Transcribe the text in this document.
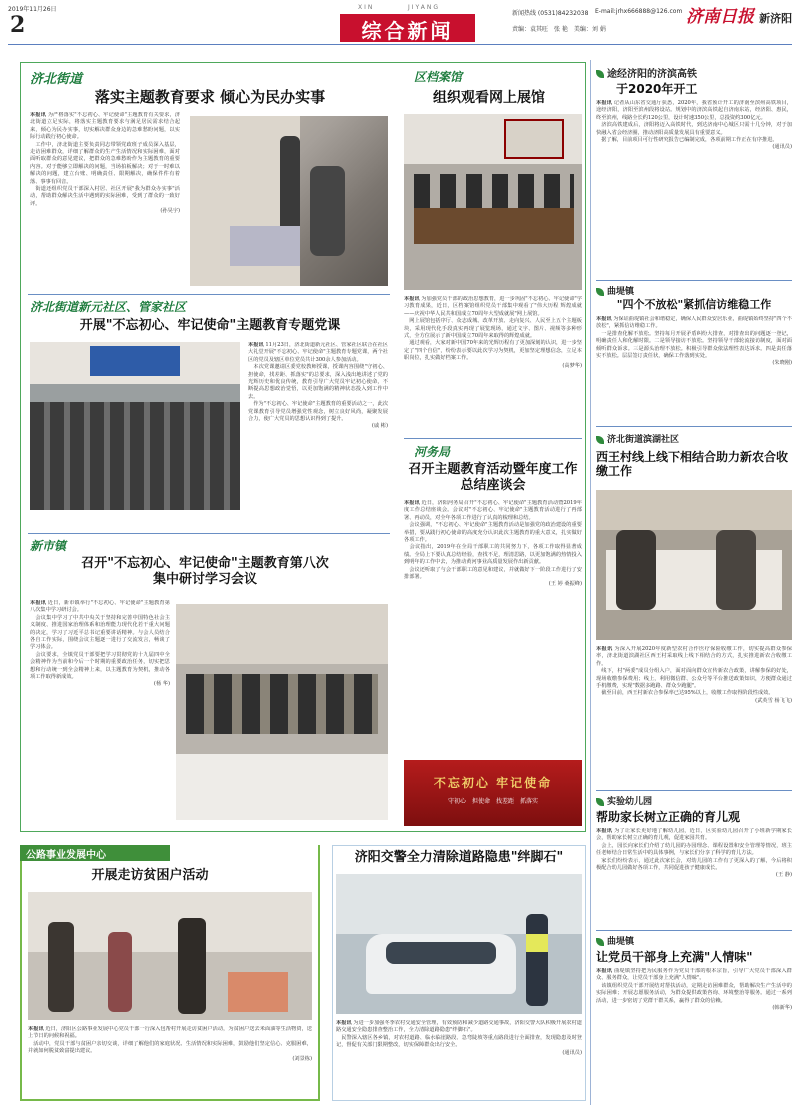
2019年11月26日
2
XIN	JIYANG
综合新闻
新闻热线 (0531)84232038 E-mail:jrhx666888@126.com
责编：袁其旺　张 艳　美编：刘 娟
济南日报 新济阳
济北街道
落实主题教育要求 倾心为民办实事
本报讯 为严格落实"不忘初心、牢记使命"主题教育有关要求，济北街道立足实际，将落实主题教育要求与满足居民需求结合起来，倾心为民办实事，切实解决群众身边的急难愁盼问题，以实际行动践行初心使命。
　工作中，济北街道主要负责同志带领党政班子成员深入基层，走访困难群众，详细了解群众的生产生活情况和实际困难，面对面听取群众的意见建议，把群众的急难愁盼作为主题教育的重要内容。对于能够立即解决的问题，当场拍板解决；对于一时难以解决的问题，建立台账、明确责任、限期解决，确保件件有着落、事事有回音。
　街道还组织党员干部深入村居、社区开展"我为群众办实事"活动，帮助群众解决生活中遇到的实际困难，受到了群众的一致好评。
(孙昊宇)
济北街道新元社区、管家社区
开展"不忘初心、牢记使命"主题教育专题党课
本报讯 11月23日，济北街道新元社区、管家社区联合在社区大礼堂开展"不忘初心、牢记使命"主题教育专题党课，两个社区的党员及辖区单位党员共计300余人参加活动。
　本次党课邀请区委党校教师授课，授课内容围绕"守初心、担使命，找差距、抓落实"的总要求，深入浅出地讲述了党的光辉历史和优良传统，教育引导广大党员牢记初心使命，不断提高思想政治觉悟，以更加饱满的精神状态投入到工作中去。
　作为"不忘初心、牢记使命"主题教育的重要活动之一，此次党课教育引导党员增强党性观念，树立良好风尚，凝聚发展合力，使广大党员的思想认识得到了提升。
(戚 彬)
新市镇
召开"不忘初心、牢记使命"主题教育第八次集中研讨学习会议
本报讯 近日，新市镇举行"不忘初心、牢记使命"主题教育第八次集中学习研讨会。
　会议集中学习了中共中央关于坚持和完善中国特色社会主义制度、推进国家治理体系和治理能力现代化若干重大问题的决定，学习了习近平总书记重要讲话精神。与会人员结合各自工作实际，围绕会议主题逐一进行了交流发言，畅谈了学习体会。
　会议要求，全镇党员干部要把学习贯彻党的十九届四中全会精神作为当前和今后一个时期的重要政治任务，切实把思想和行动统一到全会精神上来，以主题教育为契机，推动各项工作取得新成效。
(杨 华)
区档案馆
组织观看网上展馆
本报讯 为加强党员干部的政治思想教育，进一步巩固"不忘初心、牢记使命"学习教育成果，近日，区档案馆组织党员干部集中观看了"伟大历程 辉煌成就——庆祝中华人民共和国成立70周年大型成就展"网上展馆。
　网上展馆包括序厅、众志成城、改革开放、走向复兴、人民至上五个主题板块，采用现代化手段真实再现了展览现场，通过文字、图片、视频等多种形式，全方位展示了新中国成立70周年来取得的辉煌成就。
　通过观看，大家对新中国70年来的光辉历程有了更加深刻的认识，进一步坚定了"四个自信"，纷纷表示要以此次学习为契机，更加坚定理想信念，立足本职岗位，扎实做好档案工作。
(高梦华)
河务局
召开主题教育活动暨年度工作总结座谈会
本报讯 近日，济阳河务局召开"不忘初心、牢记使命"主题教育活动暨2019年度工作总结座谈会。会议对"不忘初心、牢记使命"主题教育活动进行了再部署、再动员，对全年各项工作进行了认真的梳理和总结。
　会议强调，"不忘初心、牢记使命"主题教育活动是加强党的政治建设的重要举措，要从践行初心使命的高度充分认识此次主题教育的重大意义，扎实做好各项工作。
　会议指出，2019年在全局干部职工的共同努力下，各项工作取得显著成绩。全局上下要认真总结经验，查找不足，理清思路，以更加饱满的热情投入到明年的工作中去，为推动黄河事业高质量发展作出新贡献。
　会议还听取了与会干部职工的意见和建议，并就做好下一阶段工作进行了安排部署。
(王 婷 桑振峰)
不忘初心 牢记使命
守初心　担使命　找差距　抓落实
途经济阳的济滨高铁
于2020年开工
本报讯 记者从山东省交通厅获悉，2020年，我省预计开工的济南至滨州高铁项目，途经济阳，济阳至滨州段将设站。规划中的济滨高铁起自济南东站，经济阳、惠民，终至滨州，线路全长约120公里，设计时速350公里，总投资约300亿元。
　济滨高铁建成后，济阳将迈入高铁时代，到达济南中心城区只需十几分钟，对于加快融入省会经济圈，推动济阳高质量发展具有重要意义。
　据了解，目前项目可行性研究报告已编制完成，各项前期工作正在有序推进。
(通讯员)
曲堤镇
"四个不放松"紧抓信访维稳工作
本报讯 为保证曲堤镇社会和谐稳定，确保人民群众安居乐业，曲堤镇始终坚持"四个不放松"，紧抓信访维稳工作。
　一是排查化解不放松。坚持每月开展矛盾纠纷大排查，对排查出的问题逐一登记，明确责任人和化解时限。二是领导接访不放松。坚持领导干部轮流接访制度，面对面倾听群众诉求。三是源头治理不放松。积极引导群众依法理性表达诉求。四是责任落实不放松。层层签订责任状，确保工作落到实处。
(朱晓刚)
济北街道滨湖社区
西王村线上线下相结合助力新农合收缴工作
本报讯 为深入开展2020年度新型农村合作医疗保险收缴工作，切实提高群众参保率，济北街道滨湖社区西王村采取线上线下相结合的方式，扎实推进新农合收缴工作。
　线下，村"两委"成员分组入户，面对面向群众宣传新农合政策，讲解参保的好处，现场收缴参保费用；线上，利用微信群、公众号等平台推送政策知识，方便群众通过手机缴费，实现"数据多跑路、群众少跑腿"。
　截至目前，西王村新农合参保率已达95%以上，收缴工作取得阶段性成效。
(武英雪 杨飞飞)
实验幼儿园
帮助家长树立正确的育儿观
本报讯 为了让家长更好地了解幼儿园，近日，区实验幼儿园召开了小班新学期家长会，帮助家长树立正确的育儿观，促进家园共育。
　会上，园长向家长们介绍了幼儿园的办园理念、课程设置和安全管理等情况，班主任老师结合日常生活中的具体事例，与家长们分享了科学的育儿方法。
　家长们纷纷表示，通过此次家长会，对幼儿园的工作有了更深入的了解，今后将积极配合幼儿园做好各项工作，共同促进孩子健康成长。
(王 静)
曲堤镇
让党员干部身上充满"人情味"
本报讯 曲堤镇坚持把为民服务作为党员干部的根本宗旨，引导广大党员干部深入群众、服务群众，让党员干部身上充满"人情味"。
　该镇组织党员干部开展结对帮扶活动，定期走访困难群众，帮助解决生产生活中的实际困难；开展志愿服务活动，为群众提供政策咨询、环境整治等服务。通过一系列活动，进一步密切了党群干群关系，赢得了群众的信赖。
(韩新华)
公路事业发展中心
开展走访贫困户活动
本报讯 近日，济阳区公路事业发展中心党员干部一行深入包帮村开展走访贫困户活动，为贫困户送去米面油等生活物资，送上节日的问候和祝福。
　活动中，党员干部与贫困户亲切交谈，详细了解他们的家庭状况、生活情况和实际困难，鼓励他们坚定信心、克服困难，并就如何脱贫致富提出建议。
(刘景栋)
济阳交警全力清除道路隐患"绊脚石"
本报讯 为进一步加强冬季农村交通安全管理，有效预防和减少道路交通事故，济阳交警大队积极开展农村道路交通安全隐患排查整治工作，全力清除道路隐患"绊脚石"。
　民警深入辖区各乡镇，对农村道路、临水临崖路段、急弯陡坡等重点路段进行全面排查，发现隐患及时登记，督促有关部门限期整改，切实保障群众出行安全。
(通讯员)
